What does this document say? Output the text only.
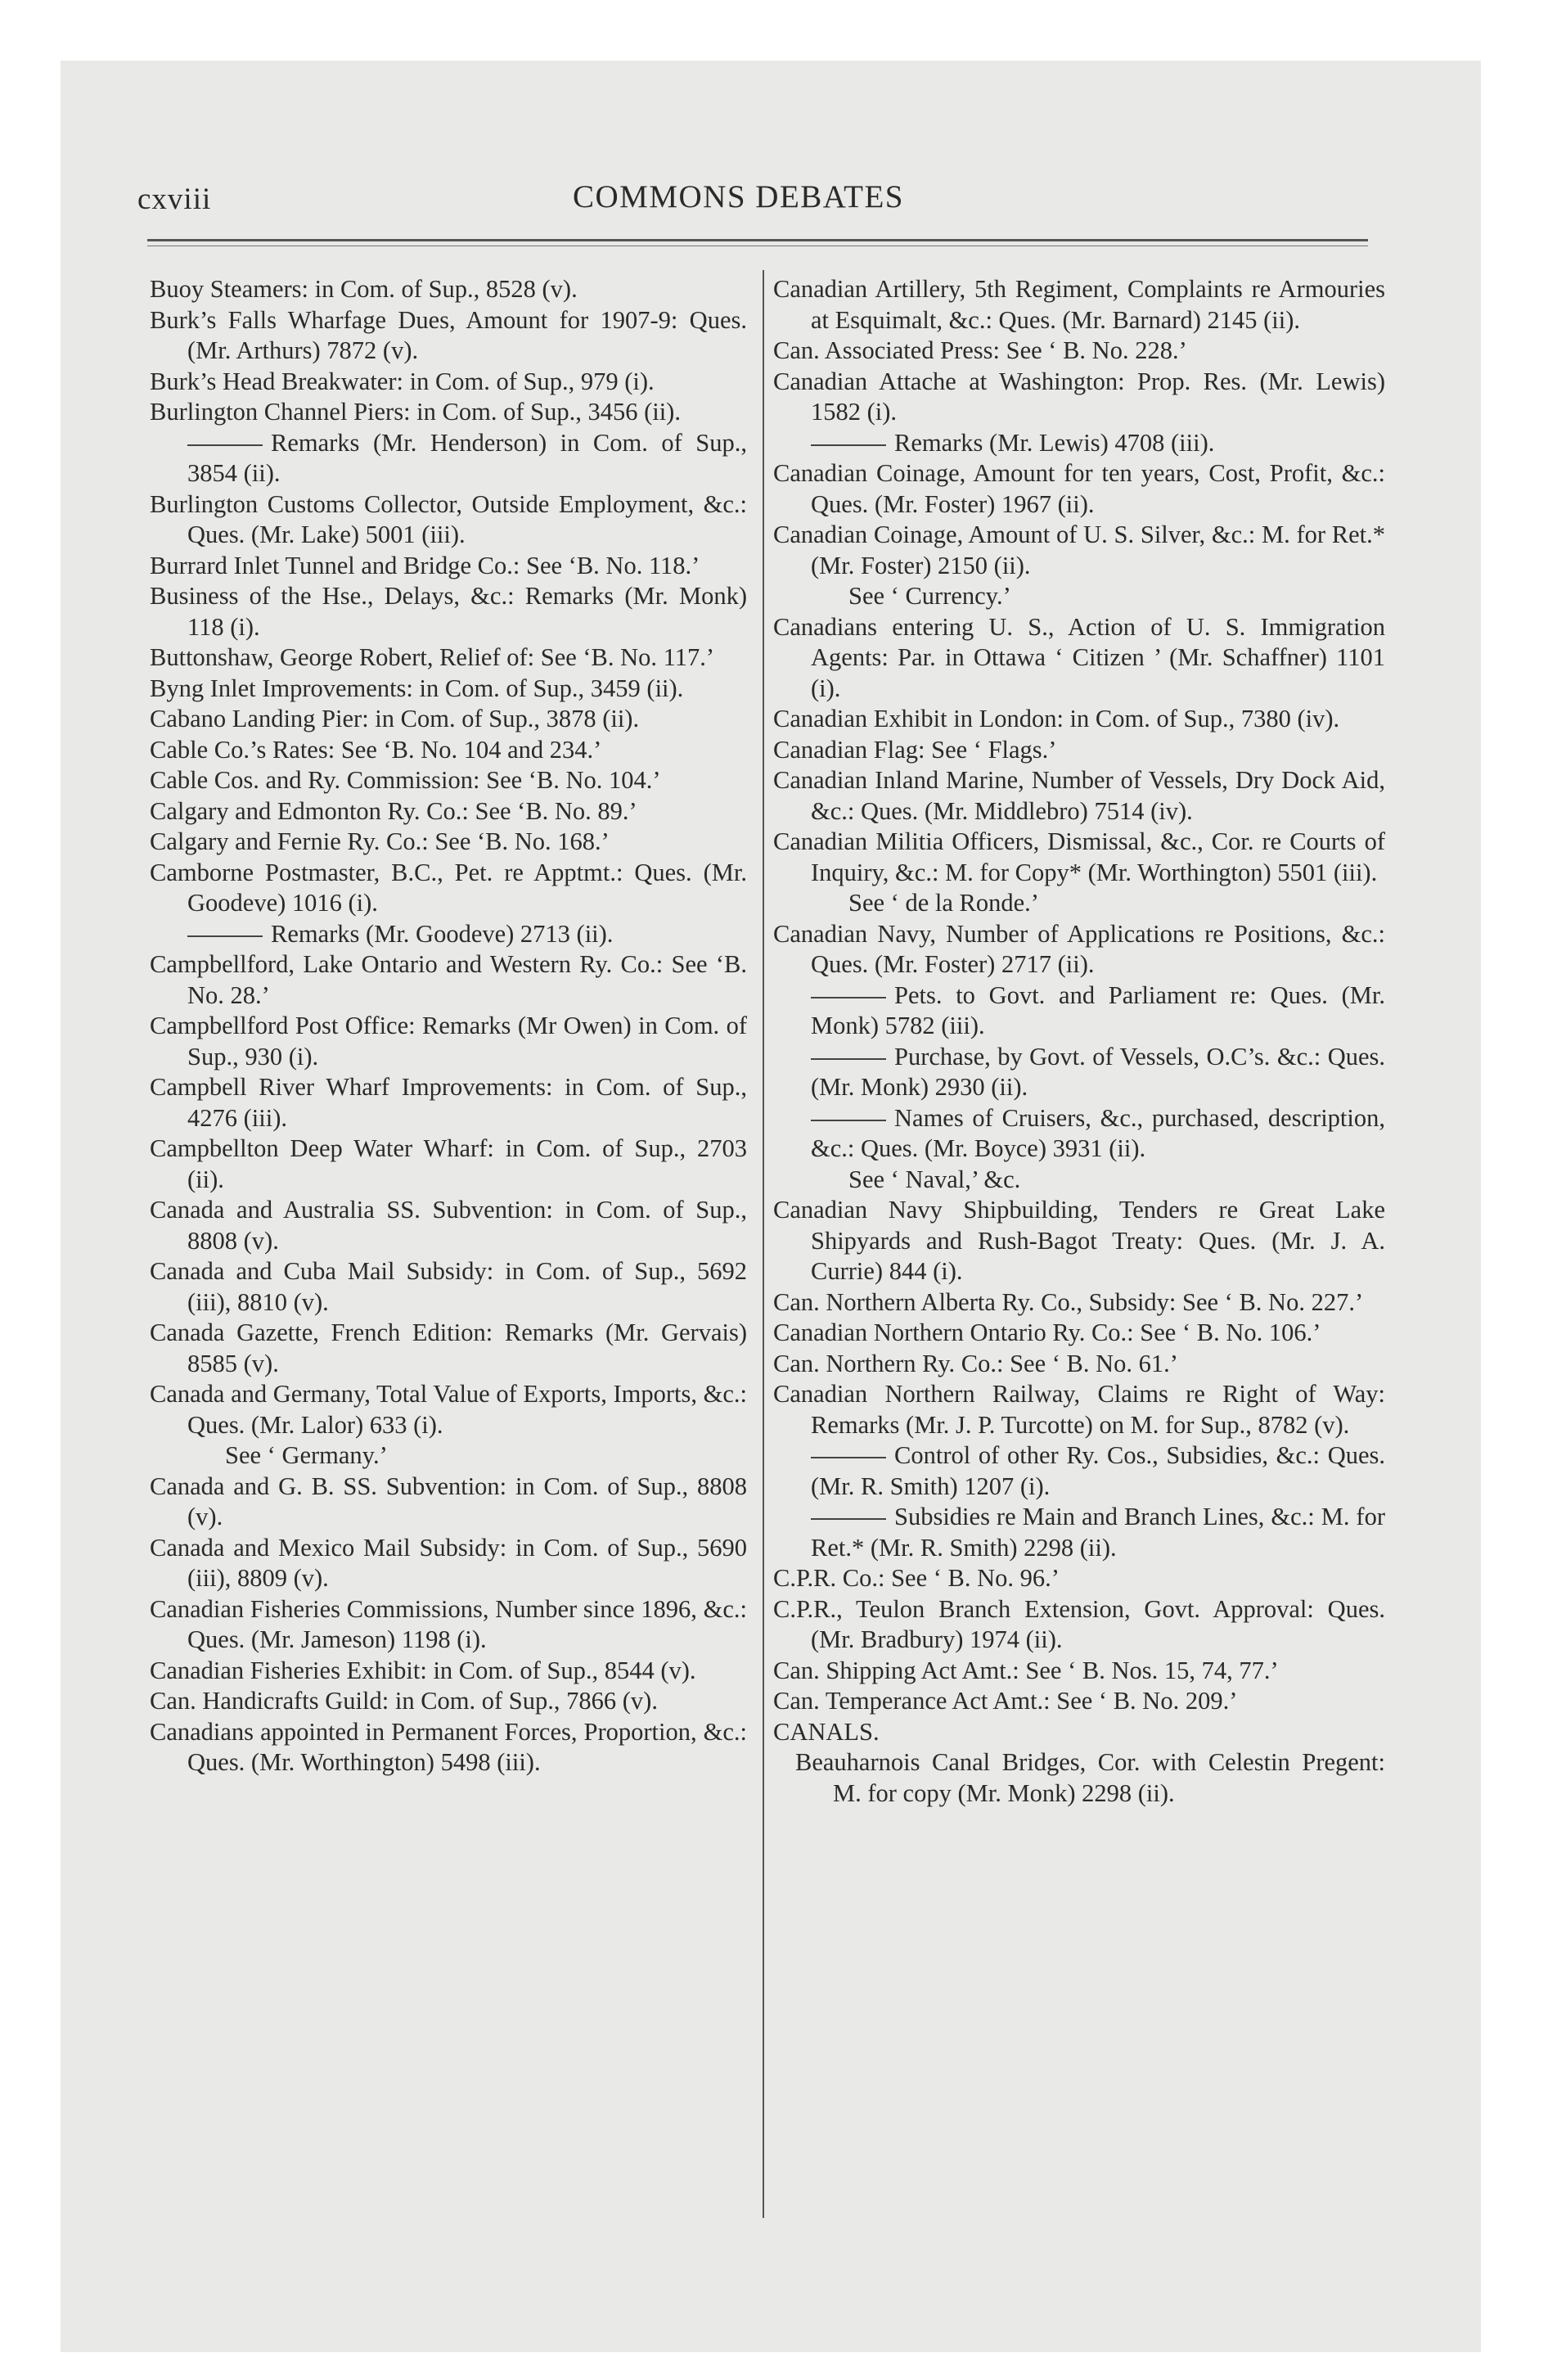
cxviii	COMMONS DEBATES
Buoy Steamers: in Com. of Sup., 8528 (v).
Burk’s Falls Wharfage Dues, Amount for 1907-9: Ques. (Mr. Arthurs) 7872 (v).
Burk’s Head Breakwater: in Com. of Sup., 979 (i).
Burlington Channel Piers: in Com. of Sup., 3456 (ii).
Remarks (Mr. Henderson) in Com. of Sup., 3854 (ii).
Burlington Customs Collector, Outside Employment, &c.: Ques. (Mr. Lake) 5001 (iii).
Burrard Inlet Tunnel and Bridge Co.: See ‘B. No. 118.’
Business of the Hse., Delays, &c.: Remarks (Mr. Monk) 118 (i).
Buttonshaw, George Robert, Relief of: See ‘B. No. 117.’
Byng Inlet Improvements: in Com. of Sup., 3459 (ii).
Cabano Landing Pier: in Com. of Sup., 3878 (ii).
Cable Co.’s Rates: See ‘B. No. 104 and 234.’
Cable Cos. and Ry. Commission: See ‘B. No. 104.’
Calgary and Edmonton Ry. Co.: See ‘B. No. 89.’
Calgary and Fernie Ry. Co.: See ‘B. No. 168.’
Camborne Postmaster, B.C., Pet. re Apptmt.: Ques. (Mr. Goodeve) 1016 (i).
Remarks (Mr. Goodeve) 2713 (ii).
Campbellford, Lake Ontario and Western Ry. Co.: See ‘B. No. 28.’
Campbellford Post Office: Remarks (Mr Owen) in Com. of Sup., 930 (i).
Campbell River Wharf Improvements: in Com. of Sup., 4276 (iii).
Campbellton Deep Water Wharf: in Com. of Sup., 2703 (ii).
Canada and Australia SS. Subvention: in Com. of Sup., 8808 (v).
Canada and Cuba Mail Subsidy: in Com. of Sup., 5692 (iii), 8810 (v).
Canada Gazette, French Edition: Remarks (Mr. Gervais) 8585 (v).
Canada and Germany, Total Value of Exports, Imports, &c.: Ques. (Mr. Lalor) 633 (i).
See ‘ Germany.’
Canada and G. B. SS. Subvention: in Com. of Sup., 8808 (v).
Canada and Mexico Mail Subsidy: in Com. of Sup., 5690 (iii), 8809 (v).
Canadian Fisheries Commissions, Number since 1896, &c.: Ques. (Mr. Jameson) 1198 (i).
Canadian Fisheries Exhibit: in Com. of Sup., 8544 (v).
Can. Handicrafts Guild: in Com. of Sup., 7866 (v).
Canadians appointed in Permanent Forces, Proportion, &c.: Ques. (Mr. Worthington) 5498 (iii).
Canadian Artillery, 5th Regiment, Complaints re Armouries at Esquimalt, &c.: Ques. (Mr. Barnard) 2145 (ii).
Can. Associated Press: See ‘ B. No. 228.’
Canadian Attache at Washington: Prop. Res. (Mr. Lewis) 1582 (i).
Remarks (Mr. Lewis) 4708 (iii).
Canadian Coinage, Amount for ten years, Cost, Profit, &c.: Ques. (Mr. Foster) 1967 (ii).
Canadian Coinage, Amount of U. S. Silver, &c.: M. for Ret.* (Mr. Foster) 2150 (ii).
See ‘ Currency.’
Canadians entering U. S., Action of U. S. Immigration Agents: Par. in Ottawa ‘ Citizen ’ (Mr. Schaffner) 1101 (i).
Canadian Exhibit in London: in Com. of Sup., 7380 (iv).
Canadian Flag: See ‘ Flags.’
Canadian Inland Marine, Number of Vessels, Dry Dock Aid, &c.: Ques. (Mr. Middlebro) 7514 (iv).
Canadian Militia Officers, Dismissal, &c., Cor. re Courts of Inquiry, &c.: M. for Copy* (Mr. Worthington) 5501 (iii).
See ‘ de la Ronde.’
Canadian Navy, Number of Applications re Positions, &c.: Ques. (Mr. Foster) 2717 (ii).
Pets. to Govt. and Parliament re: Ques. (Mr. Monk) 5782 (iii).
Purchase, by Govt. of Vessels, O.C’s. &c.: Ques. (Mr. Monk) 2930 (ii).
Names of Cruisers, &c., purchased, description, &c.: Ques. (Mr. Boyce) 3931 (ii).
See ‘ Naval,’ &c.
Canadian Navy Shipbuilding, Tenders re Great Lake Shipyards and Rush-Bagot Treaty: Ques. (Mr. J. A. Currie) 844 (i).
Can. Northern Alberta Ry. Co., Subsidy: See ‘ B. No. 227.’
Canadian Northern Ontario Ry. Co.: See ‘ B. No. 106.’
Can. Northern Ry. Co.: See ‘ B. No. 61.’
Canadian Northern Railway, Claims re Right of Way: Remarks (Mr. J. P. Turcotte) on M. for Sup., 8782 (v).
Control of other Ry. Cos., Subsidies, &c.: Ques. (Mr. R. Smith) 1207 (i).
Subsidies re Main and Branch Lines, &c.: M. for Ret.* (Mr. R. Smith) 2298 (ii).
C.P.R. Co.: See ‘ B. No. 96.’
C.P.R., Teulon Branch Extension, Govt. Approval: Ques. (Mr. Bradbury) 1974 (ii).
Can. Shipping Act Amt.: See ‘ B. Nos. 15, 74, 77.’
Can. Temperance Act Amt.: See ‘ B. No. 209.’
CANALS.
Beauharnois Canal Bridges, Cor. with Celestin Pregent: M. for copy (Mr. Monk) 2298 (ii).
